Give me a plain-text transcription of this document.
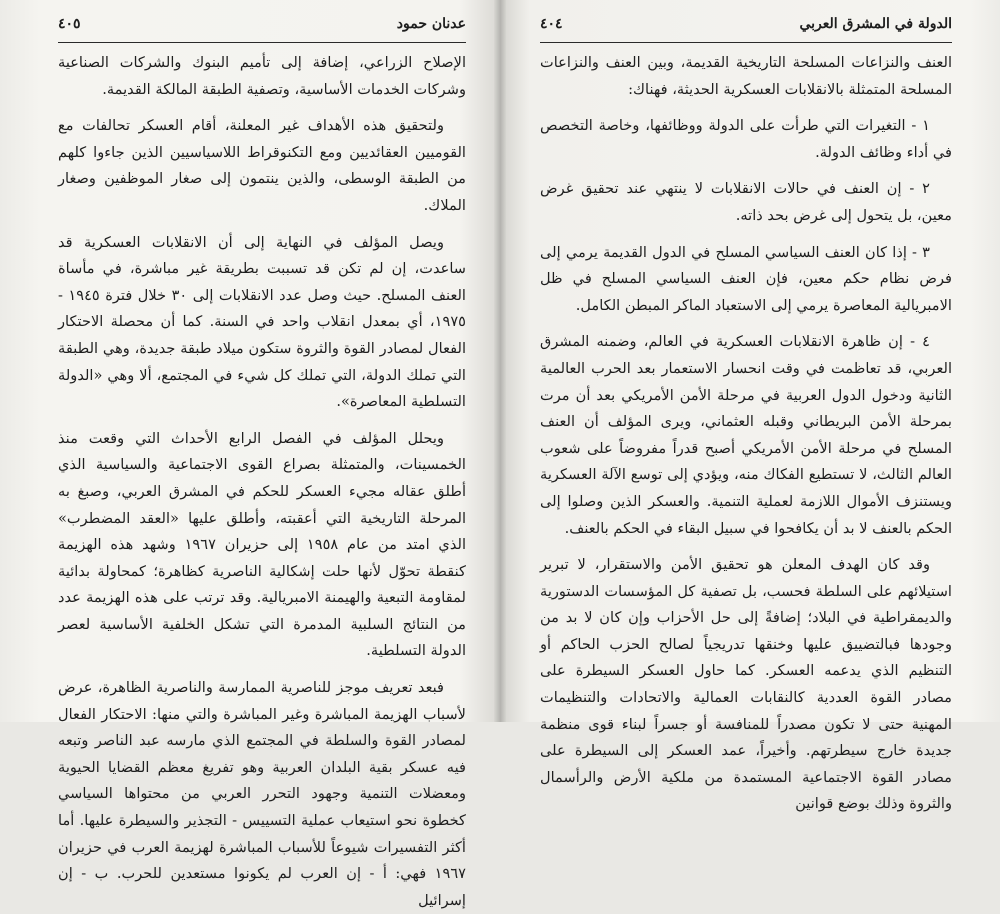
عدنان حمود
٤٠٥

الإصلاح الزراعي، إضافة إلى تأميم البنوك والشركات الصناعية وشركات الخدمات الأساسية، وتصفية الطبقة المالكة القديمة.

ولتحقيق هذه الأهداف غير المعلنة، أقام العسكر تحالفات مع القوميين العقائديين ومع التكنوقراط اللاسياسيين الذين جاءوا كلهم من الطبقة الوسطى، والذين ينتمون إلى صغار الموظفين وصغار الملاك.

ويصل المؤلف في النهاية إلى أن الانقلابات العسكرية قد ساعدت، إن لم تكن قد تسببت بطريقة غير مباشرة، في مأساة العنف المسلح. حيث وصل عدد الانقلابات إلى ٣٠ خلال فترة ١٩٤٥ - ١٩٧٥، أي بمعدل انقلاب واحد في السنة. كما أن محصلة الاحتكار الفعال لمصادر القوة والثروة ستكون ميلاد طبقة جديدة، وهي الطبقة التي تملك الدولة، التي تملك كل شيء في المجتمع، ألا وهي «الدولة التسلطية المعاصرة».

ويحلل المؤلف في الفصل الرابع الأحداث التي وقعت منذ الخمسينات، والمتمثلة بصراع القوى الاجتماعية والسياسية الذي أطلق عقاله مجيء العسكر للحكم في المشرق العربي، وصبغ به المرحلة التاريخية التي أعقبته، وأطلق عليها «العقد المضطرب» الذي امتد من عام ١٩٥٨ إلى حزيران ١٩٦٧ وشهد هذه الهزيمة كنقطة تحوّل لأنها حلت إشكالية الناصرية كظاهرة؛ كمحاولة بدائية لمقاومة التبعية والهيمنة الامبريالية. وقد ترتب على هذه الهزيمة عدد من النتائج السلبية المدمرة التي تشكل الخلفية الأساسية لعصر الدولة التسلطية.

فبعد تعريف موجز للناصرية الممارسة والناصرية الظاهرة، عرض لأسباب الهزيمة المباشرة وغير المباشرة والتي منها: الاحتكار الفعال لمصادر القوة والسلطة في المجتمع الذي مارسه عبد الناصر وتبعه فيه عسكر بقية البلدان العربية وهو تفريغ معظم القضايا الحيوية ومعضلات التنمية وجهود التحرر العربي من محتواها السياسي كخطوة نحو استيعاب عملية التسييس - التجذير والسيطرة عليها. أما أكثر التفسيرات شيوعاً للأسباب المباشرة لهزيمة العرب في حزيران ١٩٦٧ فهي: أ - إن العرب لم يكونوا مستعدين للحرب. ب - إن إسرائيل

الدولة في المشرق العربي
٤٠٤

العنف والنزاعات المسلحة التاريخية القديمة، وبين العنف والنزاعات المسلحة المتمثلة بالانقلابات العسكرية الحديثة، فهناك:

١ - التغيرات التي طرأت على الدولة ووظائفها، وخاصة التخصص في أداء وظائف الدولة.

٢ - إن العنف في حالات الانقلابات لا ينتهي عند تحقيق غرض معين، بل يتحول إلى غرض بحد ذاته.

٣ - إذا كان العنف السياسي المسلح في الدول القديمة يرمي إلى فرض نظام حكم معين، فإن العنف السياسي المسلح في ظل الامبريالية المعاصرة يرمي إلى الاستعباد الماكر المبطن الكامل.

٤ - إن ظاهرة الانقلابات العسكرية في العالم، وضمنه المشرق العربي، قد تعاظمت في وقت انحسار الاستعمار بعد الحرب العالمية الثانية ودخول الدول العربية في مرحلة الأمن الأمريكي بعد أن مرت بمرحلة الأمن البريطاني وقبله العثماني، ويرى المؤلف أن العنف المسلح في مرحلة الأمن الأمريكي أصبح قدراً مفروضاً على شعوب العالم الثالث، لا تستطيع الفكاك منه، ويؤدي إلى توسع الآلة العسكرية ويستنزف الأموال اللازمة لعملية التنمية. والعسكر الذين وصلوا إلى الحكم بالعنف لا بد أن يكافحوا في سبيل البقاء في الحكم بالعنف.

وقد كان الهدف المعلن هو تحقيق الأمن والاستقرار، لا تبرير استيلائهم على السلطة فحسب، بل تصفية كل المؤسسات الدستورية والديمقراطية في البلاد؛ إضافةً إلى حل الأحزاب وإن كان لا بد من وجودها فبالتضييق عليها وخنقها تدريجياً لصالح الحزب الحاكم أو التنظيم الذي يدعمه العسكر. كما حاول العسكر السيطرة على مصادر القوة العددية كالنقابات العمالية والاتحادات والتنظيمات المهنية حتى لا تكون مصدراً للمنافسة أو جسراً لبناء قوى منظمة جديدة خارج سيطرتهم. وأخيراً، عمد العسكر إلى السيطرة على مصادر القوة الاجتماعية المستمدة من ملكية الأرض والرأسمال والثروة وذلك بوضع قوانين
